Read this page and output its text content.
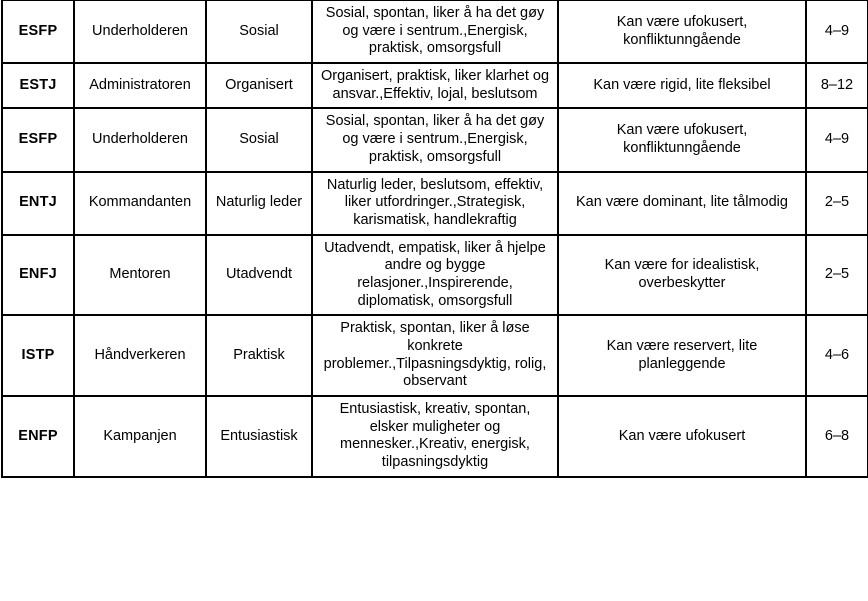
ESFP	Underholderen	Sosial	Sosial, spontan, liker å ha det gøy og være i sentrum.,Energisk, praktisk, omsorgsfull	Kan være ufokusert, konfliktunngående	4–9
ESTJ	Administratoren	Organisert	Organisert, praktisk, liker klarhet og ansvar.,Effektiv, lojal, beslutsom	Kan være rigid, lite fleksibel	8–12
ESFP	Underholderen	Sosial	Sosial, spontan, liker å ha det gøy og være i sentrum.,Energisk, praktisk, omsorgsfull	Kan være ufokusert, konfliktunngående	4–9
ENTJ	Kommandanten	Naturlig leder	Naturlig leder, beslutsom, effektiv, liker utfordringer.,Strategisk, karismatisk, handlekraftig	Kan være dominant, lite tålmodig	2–5
ENFJ	Mentoren	Utadvendt	Utadvendt, empatisk, liker å hjelpe andre og bygge relasjoner.,Inspirerende, diplomatisk, omsorgsfull	Kan være for idealistisk, overbeskytter	2–5
ISTP	Håndverkeren	Praktisk	Praktisk, spontan, liker å løse konkrete problemer.,Tilpasningsdyktig, rolig, observant	Kan være reservert, lite planleggende	4–6
ENFP	Kampanjen	Entusiastisk	Entusiastisk, kreativ, spontan, elsker muligheter og mennesker.,Kreativ, energisk, tilpasningsdyktig	Kan være ufokusert	6–8
